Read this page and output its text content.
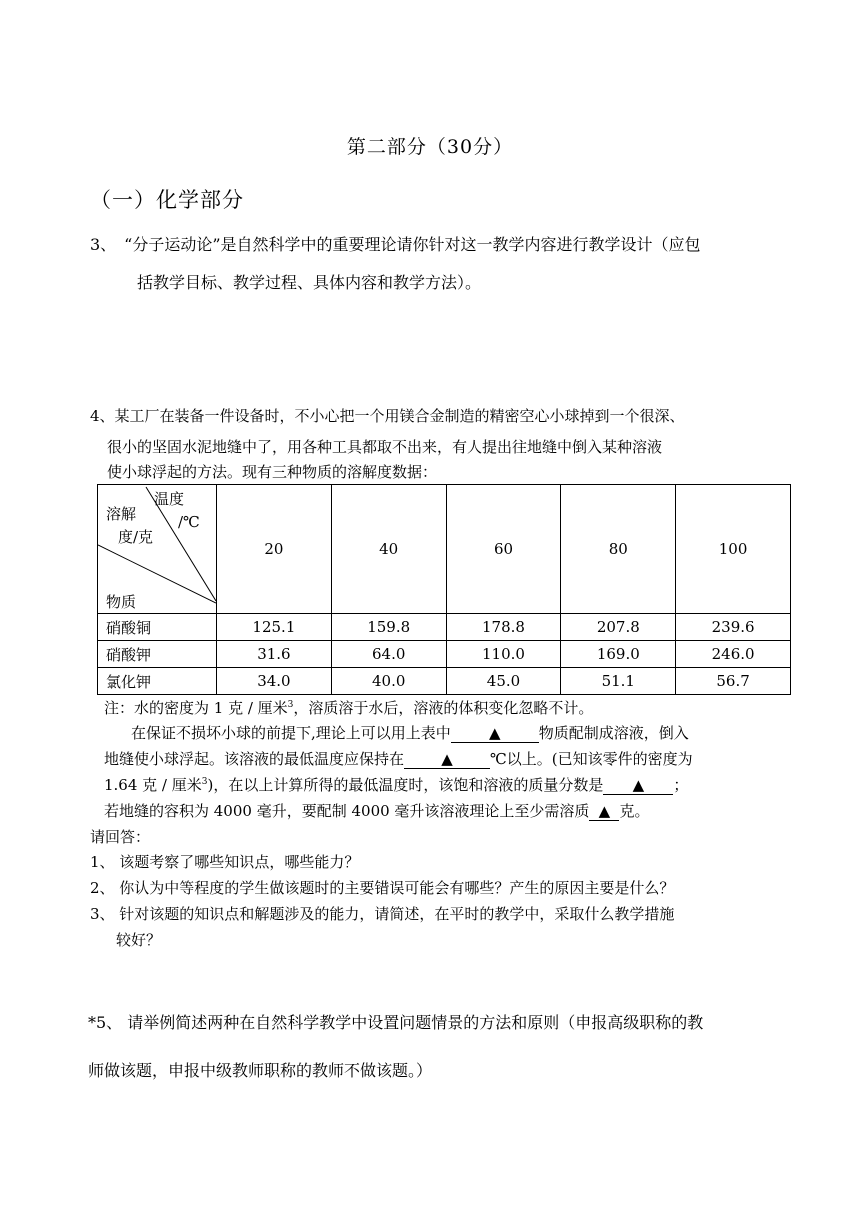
第二部分（30分）
（一）化学部分
3、　“分子运动论”是自然科学中的重要理论请你针对这一教学内容进行教学设计（应包
括教学目标、教学过程、具体内容和教学方法）。
4、某工厂在装备一件设备时，不小心把一个用镁合金制造的精密空心小球掉到一个很深、
很小的坚固水泥地缝中了，用各种工具都取不出来，有人提出往地缝中倒入某种溶液
使小球浮起的方法。现有三种物质的溶解度数据：
温度
/℃
溶解
度/克
物质	20	40	60	80	100
硝酸铜	125.1	159.8	178.8	207.8	239.6
硝酸钾	31.6	64.0	110.0	169.0	246.0
氯化钾	34.0	40.0	45.0	51.1	56.7
注：水的密度为 1 克 / 厘米$^3$，溶质溶于水后，溶液的体积变化忽略不计。
在保证不损坏小球的前提下,理论上可以用上表中	▲	物质配制成溶液，倒入
地缝使小球浮起。该溶液的最低温度应保持在 ▲ ℃以上。(已知该零件的密度为
1.64 克 / 厘米$^3$)，在以上计算所得的最低温度时，该饱和溶液的质量分数是 ▲ ；
若地缝的容积为 4000 毫升，要配制 4000 毫升该溶液理论上至少需溶质 ▲ 克。
请回答：
1、 该题考察了哪些知识点，哪些能力？
2、 你认为中等程度的学生做该题时的主要错误可能会有哪些？产生的原因主要是什么？
3、 针对该题的知识点和解题涉及的能力，请简述，在平时的教学中，采取什么教学措施
较好？
*5、 请举例简述两种在自然科学教学中设置问题情景的方法和原则（申报高级职称的教
师做该题，申报中级教师职称的教师不做该题。）
